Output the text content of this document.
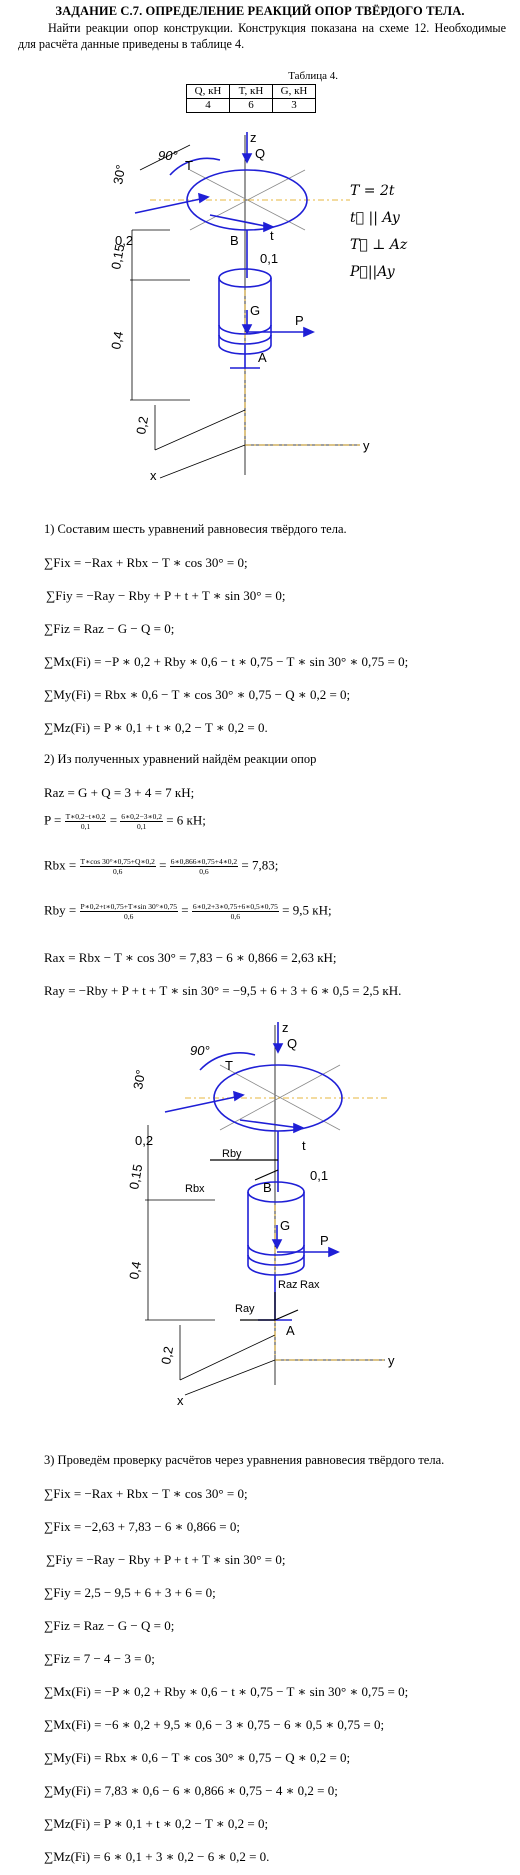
ЗАДАНИЕ С.7. ОПРЕДЕЛЕНИЕ РЕАКЦИЙ ОПОР ТВЁРДОГО ТЕЛА.
Найти реакции опор конструкции. Конструкция показана на схеме 12. Необходимые для расчёта данные приведены в таблице 4.
Таблица 4.
Q, кН	T, кН	G, кН
4	6	3
z
Q
T
90°
30°
0,2	t
B
0,15	0,1
G
P
0,4
A
0,2
y
x
T = 2t
t⃗ || Ay
T⃗ ⊥ Az
P⃗||Ay
1) Составим шесть уравнений равновесия твёрдого тела.
∑Fix = −Rax + Rbx − T ∗ cos 30° = 0;
∑Fiy = −Ray − Rby + P + t + T ∗ sin 30° = 0;
∑Fiz = Raz − G − Q = 0;
∑Mx(Fi) = −P ∗ 0,2 + Rby ∗ 0,6 − t ∗ 0,75 − T ∗ sin 30° ∗ 0,75 = 0;
∑My(Fi) = Rbx ∗ 0,6 − T ∗ cos 30° ∗ 0,75 − Q ∗ 0,2 = 0;
∑Mz(Fi) = P ∗ 0,1 + t ∗ 0,2 − T ∗ 0,2 = 0.
2) Из полученных уравнений найдём реакции опор
Raz = G + Q = 3 + 4 = 7 кН;
$P = \frac{T∗0,2-t∗0,2}{0,1} = \frac{6∗0,2-3∗0,2}{0,1} = 6$ кН;
Rbx = $\frac{T∗\cos 30^\circ∗0,75+Q∗0,2}{0,6} = \frac{6∗0,866∗0,75+4∗0,2}{0,6} = 7,83$;
Rby = $\frac{P∗0,2+t∗0,75+T∗\sin 30^\circ∗0,75}{0,6} = \frac{6∗0,2+3∗0,75+6∗0,5∗0,75}{0,6} = 9,5$ кН;
Rax = Rbx − T ∗ cos 30° = 7,83 − 6 ∗ 0,866 = 2,63 кН;
Ray = −Rby + P + t + T ∗ sin 30° = −9,5 + 6 + 3 + 6 ∗ 0,5 = 2,5 кН.
z
Q
T
90°
30°
0,2
Rby
Rbx	B
t
0,15	0,1
G
P
0,4
Raz Rax
Ray
A
0,2	y
x
3) Проведём проверку расчётов через уравнения равновесия твёрдого тела.
∑Fix = −Rax + Rbx − T ∗ cos 30° = 0;
∑Fix = −2,63 + 7,83 − 6 ∗ 0,866 = 0;
∑Fiy = −Ray − Rby + P + t + T ∗ sin 30° = 0;
∑Fiy = 2,5 − 9,5 + 6 + 3 + 6 = 0;
∑Fiz = Raz − G − Q = 0;
∑Fiz = 7 − 4 − 3 = 0;
∑Mx(Fi) = −P ∗ 0,2 + Rby ∗ 0,6 − t ∗ 0,75 − T ∗ sin 30° ∗ 0,75 = 0;
∑Mx(Fi) = −6 ∗ 0,2 + 9,5 ∗ 0,6 − 3 ∗ 0,75 − 6 ∗ 0,5 ∗ 0,75 = 0;
∑My(Fi) = Rbx ∗ 0,6 − T ∗ cos 30° ∗ 0,75 − Q ∗ 0,2 = 0;
∑My(Fi) = 7,83 ∗ 0,6 − 6 ∗ 0,866 ∗ 0,75 − 4 ∗ 0,2 = 0;
∑Mz(Fi) = P ∗ 0,1 + t ∗ 0,2 − T ∗ 0,2 = 0;
∑Mz(Fi) = 6 ∗ 0,1 + 3 ∗ 0,2 − 6 ∗ 0,2 = 0.
